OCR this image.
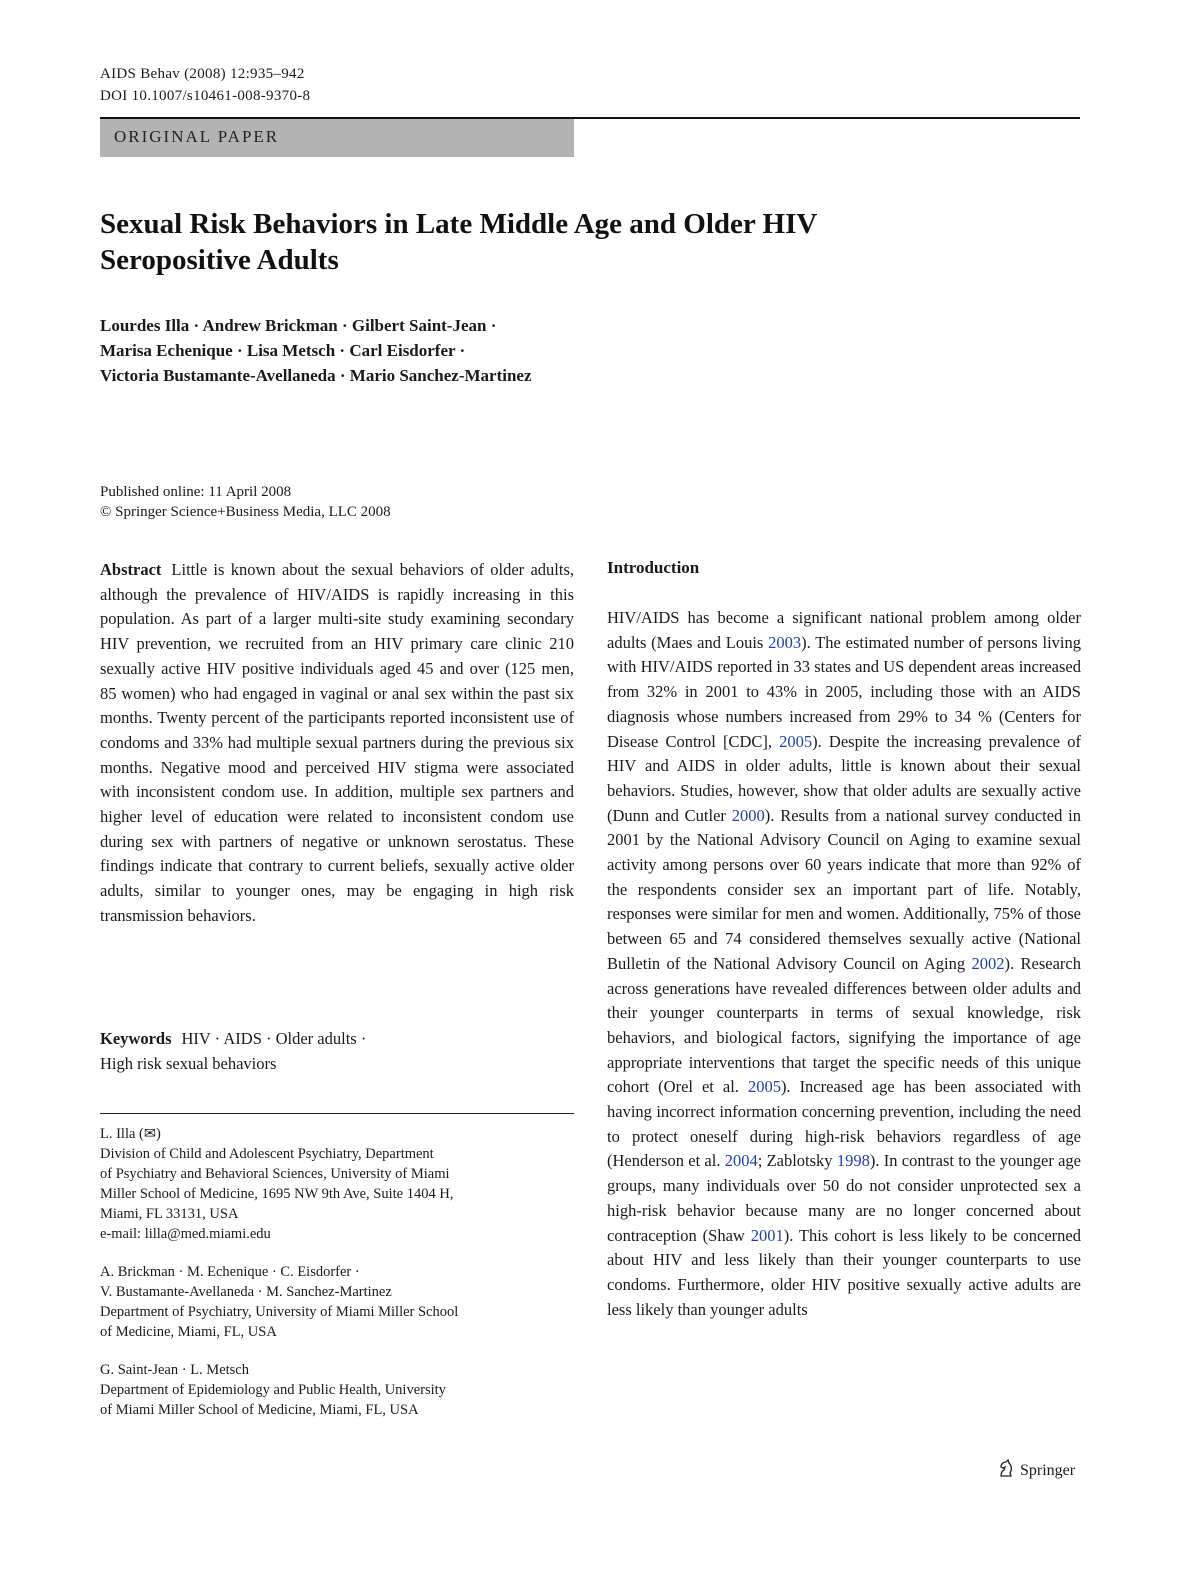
AIDS Behav (2008) 12:935–942
DOI 10.1007/s10461-008-9370-8
ORIGINAL PAPER
Sexual Risk Behaviors in Late Middle Age and Older HIV
Seropositive Adults
Lourdes Illa · Andrew Brickman · Gilbert Saint-Jean ·
Marisa Echenique · Lisa Metsch · Carl Eisdorfer ·
Victoria Bustamante-Avellaneda · Mario Sanchez-Martinez
Published online: 11 April 2008
© Springer Science+Business Media, LLC 2008

Abstract Little is known about the sexual behaviors of older adults, although the prevalence of HIV/AIDS is rapidly increasing in this population. As part of a larger multi-site study examining secondary HIV prevention, we recruited from an HIV primary care clinic 210 sexually active HIV positive individuals aged 45 and over (125 men, 85 women) who had engaged in vaginal or anal sex within the past six months. Twenty percent of the participants reported inconsistent use of condoms and 33% had multiple sexual partners during the previous six months. Negative mood and perceived HIV stigma were associated with inconsistent condom use. In addition, multiple sex partners and higher level of education were related to inconsistent condom use during sex with partners of negative or unknown serostatus. These findings indicate that contrary to current beliefs, sexually active older adults, similar to younger ones, may be engaging in high risk transmission behaviors.

Keywords HIV · AIDS · Older adults ·
High risk sexual behaviors
L. Illa (✉)
Division of Child and Adolescent Psychiatry, Department
of Psychiatry and Behavioral Sciences, University of Miami
Miller School of Medicine, 1695 NW 9th Ave, Suite 1404 H,
Miami, FL 33131, USA
e-mail: lilla@med.miami.edu
A. Brickman · M. Echenique · C. Eisdorfer ·
V. Bustamante-Avellaneda · M. Sanchez-Martinez
Department of Psychiatry, University of Miami Miller School
of Medicine, Miami, FL, USA
G. Saint-Jean · L. Metsch
Department of Epidemiology and Public Health, University
of Miami Miller School of Medicine, Miami, FL, USA
Introduction

HIV/AIDS has become a significant national problem among older adults (Maes and Louis 2003). The estimated number of persons living with HIV/AIDS reported in 33 states and US dependent areas increased from 32% in 2001 to 43% in 2005, including those with an AIDS diagnosis whose numbers increased from 29% to 34 % (Centers for Disease Control [CDC], 2005). Despite the increasing prevalence of HIV and AIDS in older adults, little is known about their sexual behaviors. Studies, however, show that older adults are sexually active (Dunn and Cutler 2000). Results from a national survey conducted in 2001 by the National Advisory Council on Aging to examine sexual activity among persons over 60 years indicate that more than 92% of the respondents consider sex an important part of life. Notably, responses were similar for men and women. Additionally, 75% of those between 65 and 74 considered themselves sexually active (National Bulletin of the National Advisory Council on Aging 2002). Research across generations have revealed differences between older adults and their younger counterparts in terms of sexual knowledge, risk behaviors, and biological factors, signifying the importance of age appropriate interventions that target the specific needs of this unique cohort (Orel et al. 2005). Increased age has been associated with having incorrect information concerning prevention, including the need to protect oneself during high-risk behaviors regardless of age (Henderson et al. 2004; Zablotsky 1998). In contrast to the younger age groups, many individuals over 50 do not consider unprotected sex a high-risk behavior because many are no longer concerned about contraception (Shaw 2001). This cohort is less likely to be concerned about HIV and less likely than their younger counterparts to use condoms. Furthermore, older HIV positive sexually active adults are less likely than younger adults

Springer
